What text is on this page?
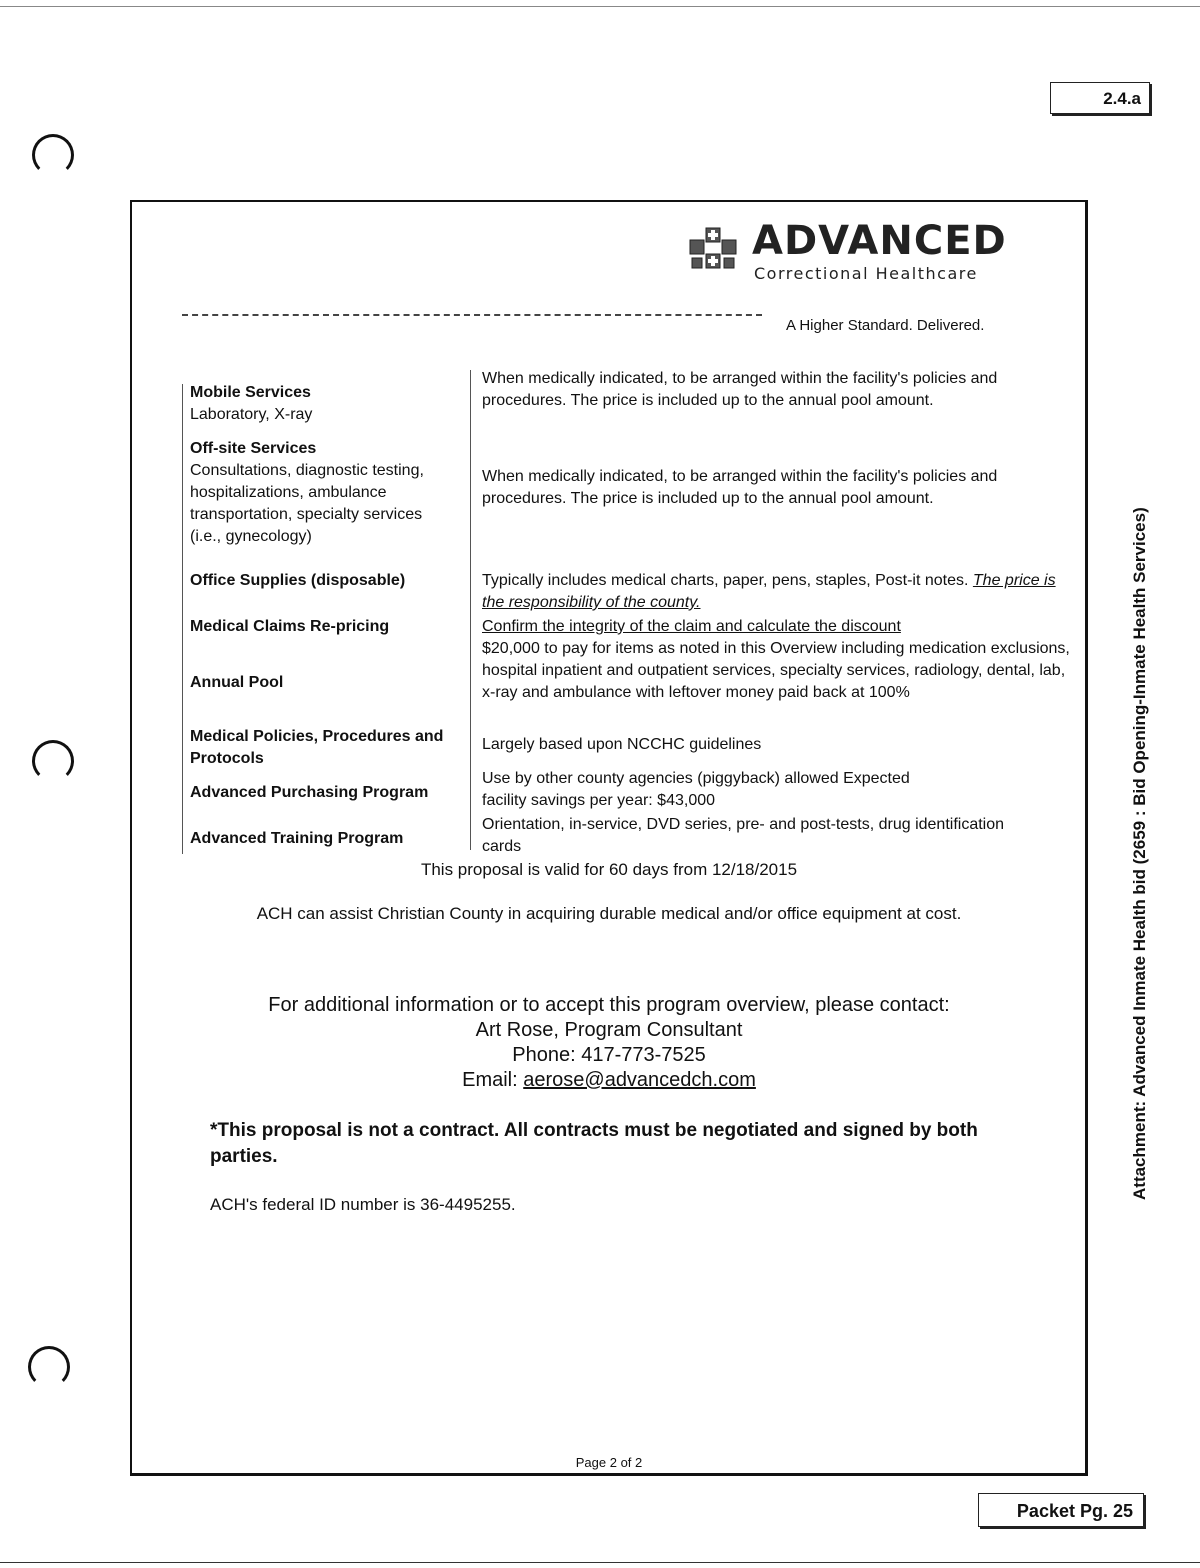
2.4.a
Attachment: Advanced Inmate Health bid (2659 : Bid Opening-Inmate Health Services)
ADVANCED
Correctional Healthcare
A Higher Standard. Delivered.
Mobile Services
Laboratory, X-ray
When medically indicated, to be arranged within the facility's policies and procedures. The price is included up to the annual pool amount.
Off-site Services
Consultations, diagnostic testing, hospitalizations, ambulance transportation, specialty services (i.e., gynecology)
When medically indicated, to be arranged within the facility's policies and procedures. The price is included up to the annual pool amount.
Office Supplies (disposable)	Typically includes medical charts, paper, pens, staples, Post-it notes. The price is the responsibility of the county.
Medical Claims Re-pricing	Confirm the integrity of the claim and calculate the discount
Annual Pool
$20,000 to pay for items as noted in this Overview including medication exclusions, hospital inpatient and outpatient services, specialty services, radiology, dental, lab, x-ray and ambulance with leftover money paid back at 100%
Medical Policies, Procedures and Protocols
Largely based upon NCCHC guidelines
Advanced Purchasing Program
Use by other county agencies (piggyback) allowed Expected facility savings per year: $43,000
Advanced Training Program
Orientation, in-service, DVD series, pre- and post-tests, drug identification cards
This proposal is valid for 60 days from 12/18/2015
ACH can assist Christian County in acquiring durable medical and/or office equipment at cost.
For additional information or to accept this program overview, please contact:
Art Rose, Program Consultant
Phone: 417-773-7525
Email: aerose@advancedch.com
*This proposal is not a contract. All contracts must be negotiated and signed by both parties.
ACH's federal ID number is 36-4495255.
Page 2 of 2
Packet Pg. 25
